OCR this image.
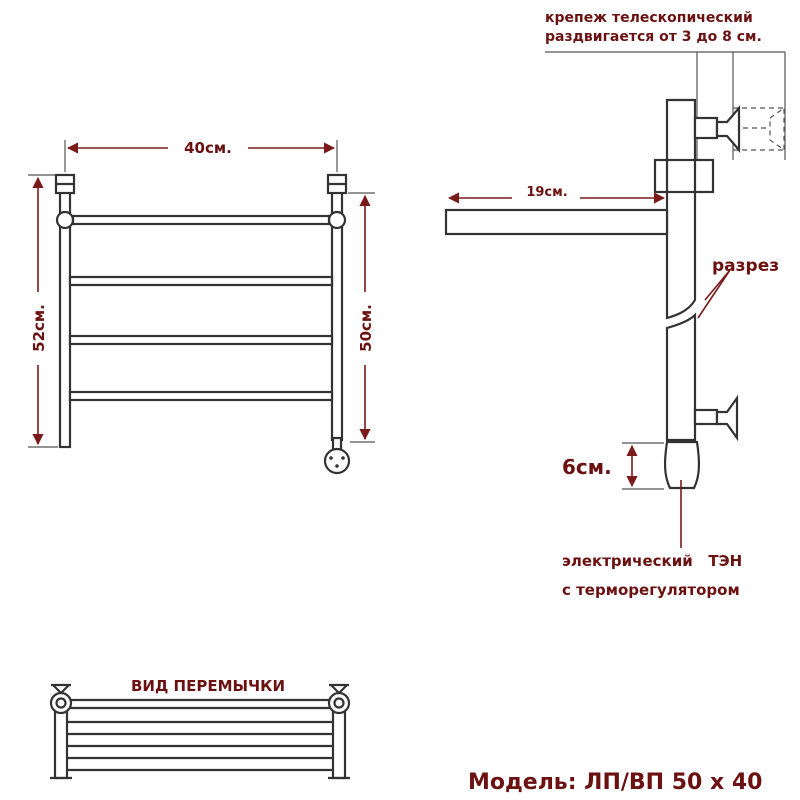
40см.
52см.	50см.
19см.
разрез
6см.
электрический   ТЭН
с терморегулятором
крепеж телескопический
раздвигается от 3 до 8 см.
ВИД ПЕРЕМЫЧКИ
Модель: ЛП/ВП 50 х 40
